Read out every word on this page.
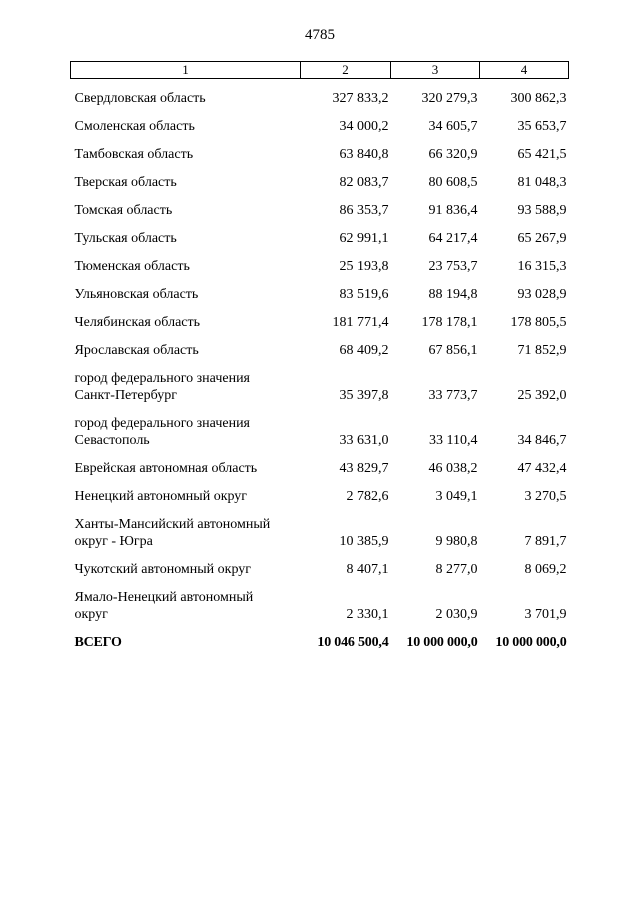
4785
1	2	3	4
Свердловская область	327 833,2	320 279,3	300 862,3
Смоленская область	34 000,2	34 605,7	35 653,7
Тамбовская область	63 840,8	66 320,9	65 421,5
Тверская область	82 083,7	80 608,5	81 048,3
Томская область	86 353,7	91 836,4	93 588,9
Тульская область	62 991,1	64 217,4	65 267,9
Тюменская область	25 193,8	23 753,7	16 315,3
Ульяновская область	83 519,6	88 194,8	93 028,9
Челябинская область	181 771,4	178 178,1	178 805,5
Ярославская область	68 409,2	67 856,1	71 852,9
город федерального значения
Санкт-Петербург	35 397,8	33 773,7	25 392,0
город федерального значения
Севастополь	33 631,0	33 110,4	34 846,7
Еврейская автономная область	43 829,7	46 038,2	47 432,4
Ненецкий автономный округ	2 782,6	3 049,1	3 270,5
Ханты-Мансийский автономный
округ - Югра	10 385,9	9 980,8	7 891,7
Чукотский автономный округ	8 407,1	8 277,0	8 069,2
Ямало-Ненецкий автономный
округ	2 330,1	2 030,9	3 701,9
ВСЕГО	10 046 500,4	10 000 000,0	10 000 000,0
